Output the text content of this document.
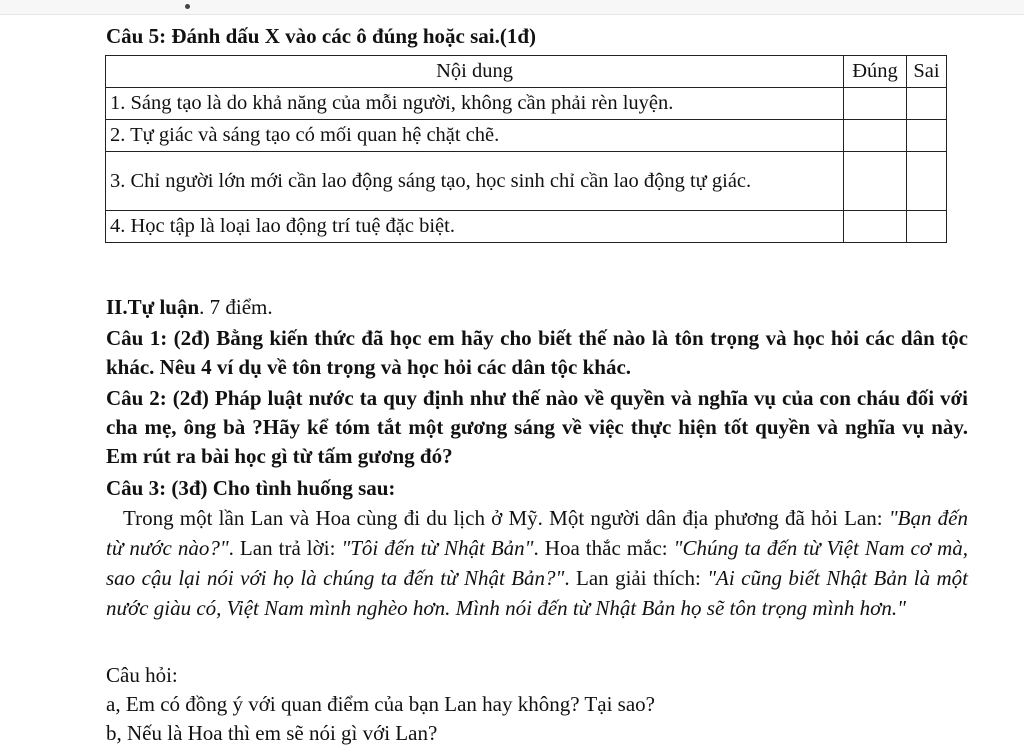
Câu 5: Đánh dấu X vào các ô đúng hoặc sai.(1đ)
Nội dung	Đúng	Sai
1. Sáng tạo là do khả năng của mỗi người, không cần phải rèn luyện.		
2. Tự giác và sáng tạo có mối quan hệ chặt chẽ.		
3. Chỉ người lớn mới cần lao động sáng tạo, học sinh chỉ cần lao động tự giác.		
4. Học tập là loại lao động trí tuệ đặc biệt.		
II.Tự luận. 7 điểm.
Câu 1: (2đ) Bằng kiến thức đã học em hãy cho biết thế nào là tôn trọng và học hỏi các dân tộc khác. Nêu 4 ví dụ về tôn trọng và học hỏi các dân tộc khác.
Câu 2: (2đ) Pháp luật nước ta quy định như thế nào về quyền và nghĩa vụ của con cháu đối với cha mẹ, ông bà ?Hãy kể tóm tắt một gương sáng về việc thực hiện tốt quyền và nghĩa vụ này. Em rút ra bài học gì từ tấm gương đó?
Câu 3: (3đ) Cho tình huống sau:
Trong một lần Lan và Hoa cùng đi du lịch ở Mỹ. Một người dân địa phương đã hỏi Lan: "Bạn đến từ nước nào?". Lan trả lời: "Tôi đến từ Nhật Bản". Hoa thắc mắc: "Chúng ta đến từ Việt Nam cơ mà, sao cậu lại nói với họ là chúng ta đến từ Nhật Bản?". Lan giải thích: "Ai cũng biết Nhật Bản là một nước giàu có, Việt Nam mình nghèo hơn. Mình nói đến từ Nhật Bản họ sẽ tôn trọng mình hơn."
Câu hỏi:
a, Em có đồng ý với quan điểm của bạn Lan hay không? Tại sao?
b, Nếu là Hoa thì em sẽ nói gì với Lan?
